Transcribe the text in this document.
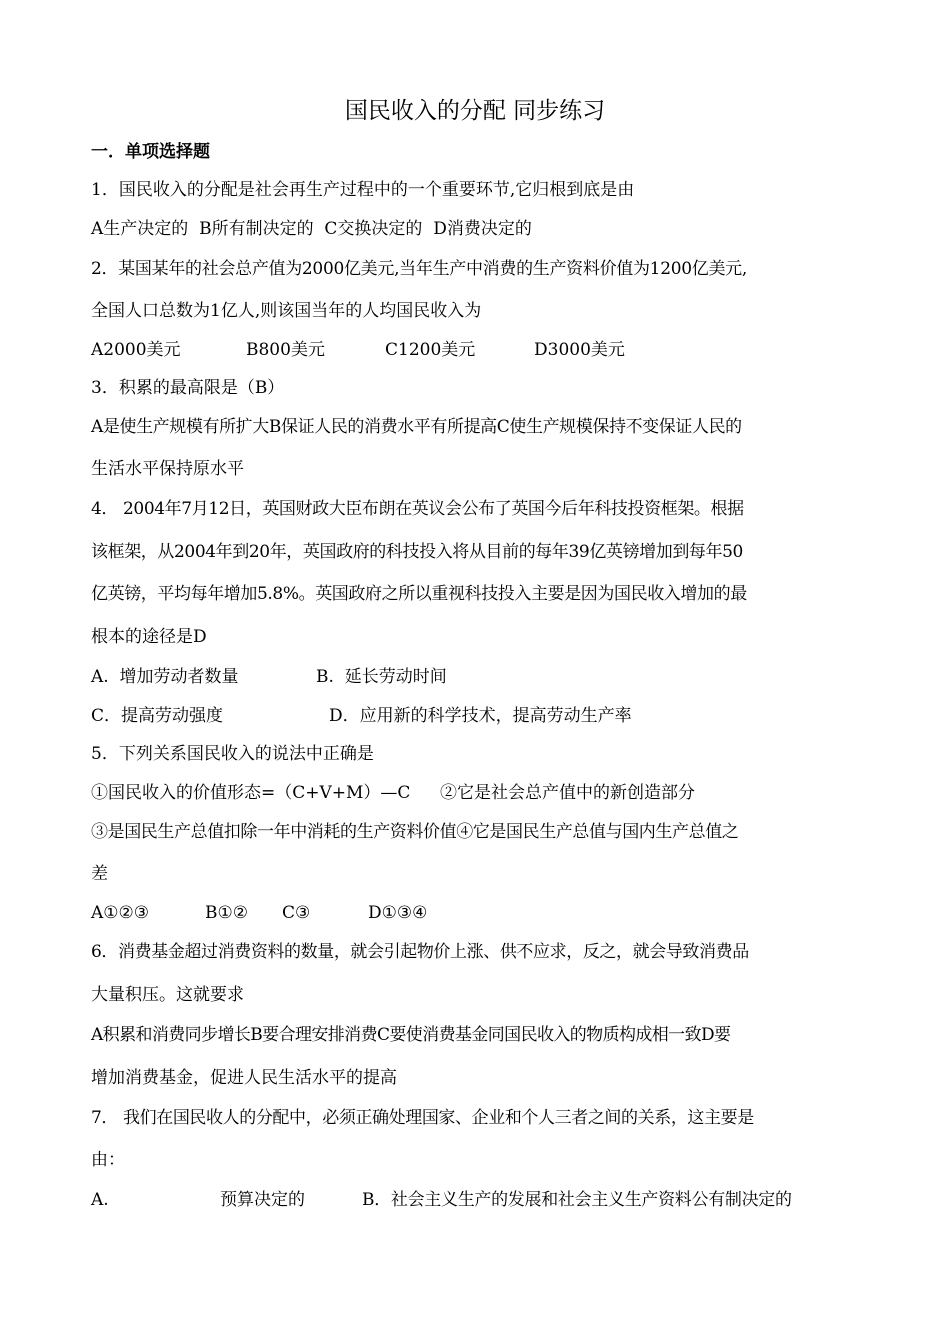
国民收入的分配 同步练习
一．单项选择题
1．国民收入的分配是社会再生产过程中的一个重要环节,它归根到底是由
A生产决定的  B所有制决定的  C交换决定的  D消费决定的
2．某国某年的社会总产值为2000亿美元,当年生产中消费的生产资料价值为1200亿美元,
全国人口总数为1亿人,则该国当年的人均国民收入为
A2000美元	B800美元	C1200美元	D3000美元
3．积累的最高限是（B）
A是使生产规模有所扩大B保证人民的消费水平有所提高C使生产规模保持不变保证人民的
生活水平保持原水平
4． 2004年7月12日，英国财政大臣布朗在英议会公布了英国今后年科技投资框架。根据
该框架，从2004年到20年，英国政府的科技投入将从目前的每年39亿英镑增加到每年50
亿英镑，平均每年增加5.8%。英国政府之所以重视科技投入主要是因为国民收入增加的最
根本的途径是D
A.  增加劳动者数量	B.  延长劳动时间
C．提高劳动强度	D．应用新的科学技术，提高劳动生产率
5．下列关系国民收入的说法中正确是
①国民收入的价值形态=（C+V+M）—C ②它是社会总产值中的新创造部分
③是国民生产总值扣除一年中消耗的生产资料价值④它是国民生产总值与国内生产总值之
差
A①②③	B①② C③	D①③④
6．消费基金超过消费资料的数量，就会引起物价上涨、供不应求，反之，就会导致消费品
大量积压。这就要求
A积累和消费同步增长B要合理安排消费C要使消费基金同国民收入的物质构成相一致D要
增加消费基金，促进人民生活水平的提高
7． 我们在国民收人的分配中，必须正确处理国家、企业和个人三者之间的关系，这主要是
由：
A.	预算决定的	B．社会主义生产的发展和社会主义生产资料公有制决定的
